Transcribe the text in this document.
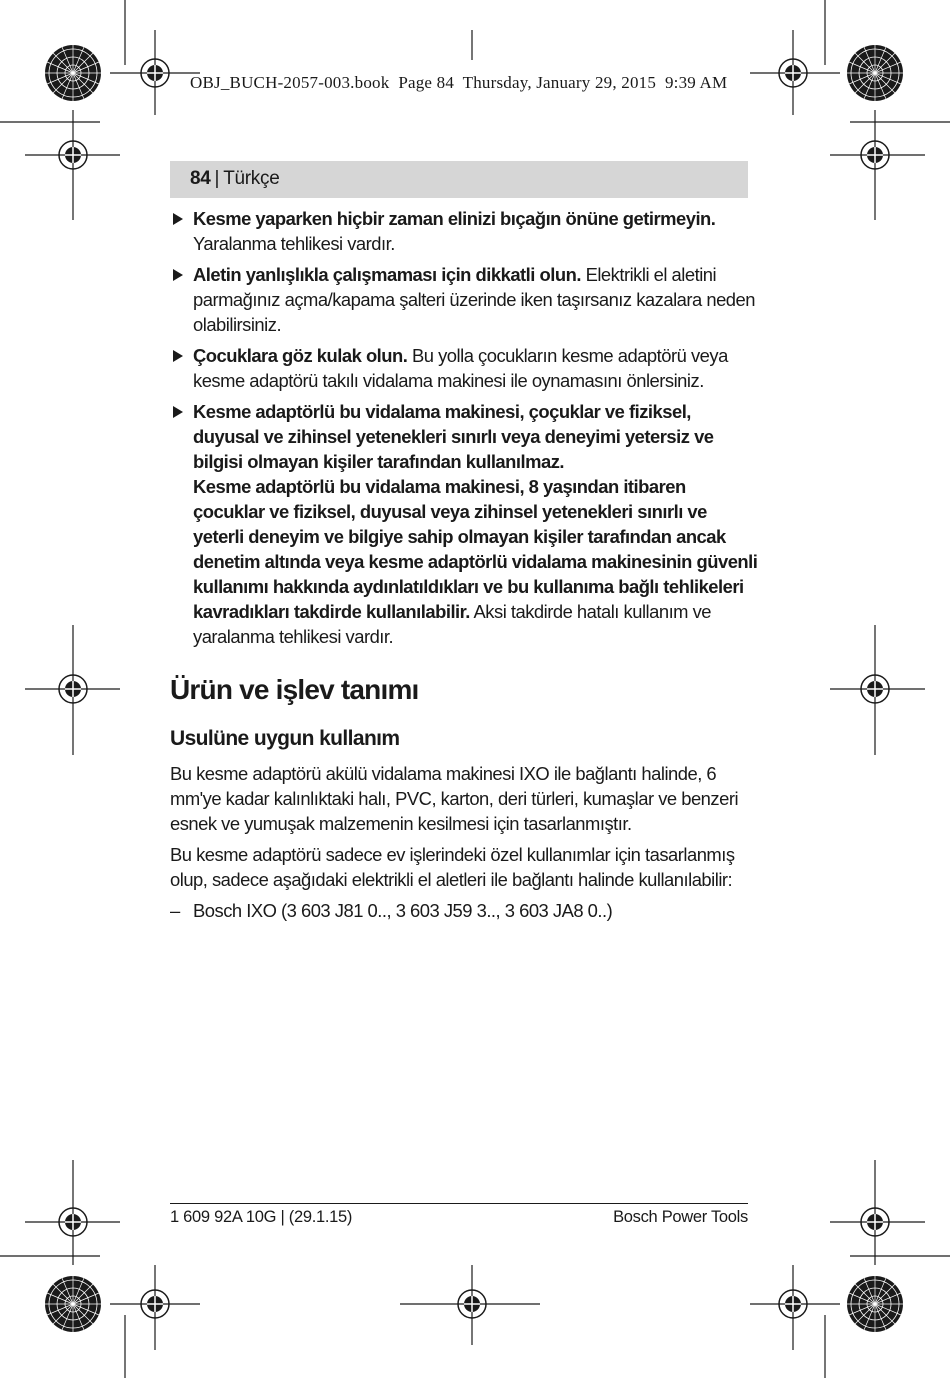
OBJ_BUCH-2057-003.book  Page 84  Thursday, January 29, 2015  9:39 AM
84 | Türkçe
Kesme yaparken hiçbir zaman elinizi bıçağın önüne getirmeyin. Yaralanma tehlikesi vardır.
Aletin yanlışlıkla çalışmaması için dikkatli olun. Elektrikli el aletini parmağınız açma/kapama şalteri üzerinde iken taşırsanız kazalara neden olabilirsiniz.
Çocuklara göz kulak olun. Bu yolla çocukların kesme adaptörü veya kesme adaptörü takılı vidalama makinesi ile oynamasını önlersiniz.
Kesme adaptörlü bu vidalama makinesi, çoçuklar ve fiziksel, duyusal ve zihinsel yetenekleri sınırlı veya deneyimi yetersiz ve bilgisi olmayan kişiler tarafından kullanılmaz.
Kesme adaptörlü bu vidalama makinesi, 8 yaşından itibaren çocuklar ve fiziksel, duyusal veya zihinsel yetenekleri sınırlı ve yeterli deneyim ve bilgiye sahip olmayan kişiler tarafından ancak denetim altında veya kesme adaptörlü vidalama makinesinin güvenli kullanımı hakkında aydınlatıldıkları ve bu kullanıma bağlı tehlikeleri kavradıkları takdirde kullanılabilir. Aksi takdirde hatalı kullanım ve yaralanma tehlikesi vardır.
Ürün ve işlev tanımı
Usulüne uygun kullanım
Bu kesme adaptörü akülü vidalama makinesi IXO ile bağlantı halinde, 6 mm'ye kadar kalınlıktaki halı, PVC, karton, deri türleri, kumaşlar ve benzeri esnek ve yumuşak malzemenin kesilmesi için tasarlanmıştır.
Bu kesme adaptörü sadece ev işlerindeki özel kullanımlar için tasarlanmış olup, sadece aşağıdaki elektrikli el aletleri ile bağlantı halinde kullanılabilir:
– Bosch IXO (3 603 J81 0.., 3 603 J59 3.., 3 603 JA8 0..)
1 609 92A 10G | (29.1.15)	Bosch Power Tools
